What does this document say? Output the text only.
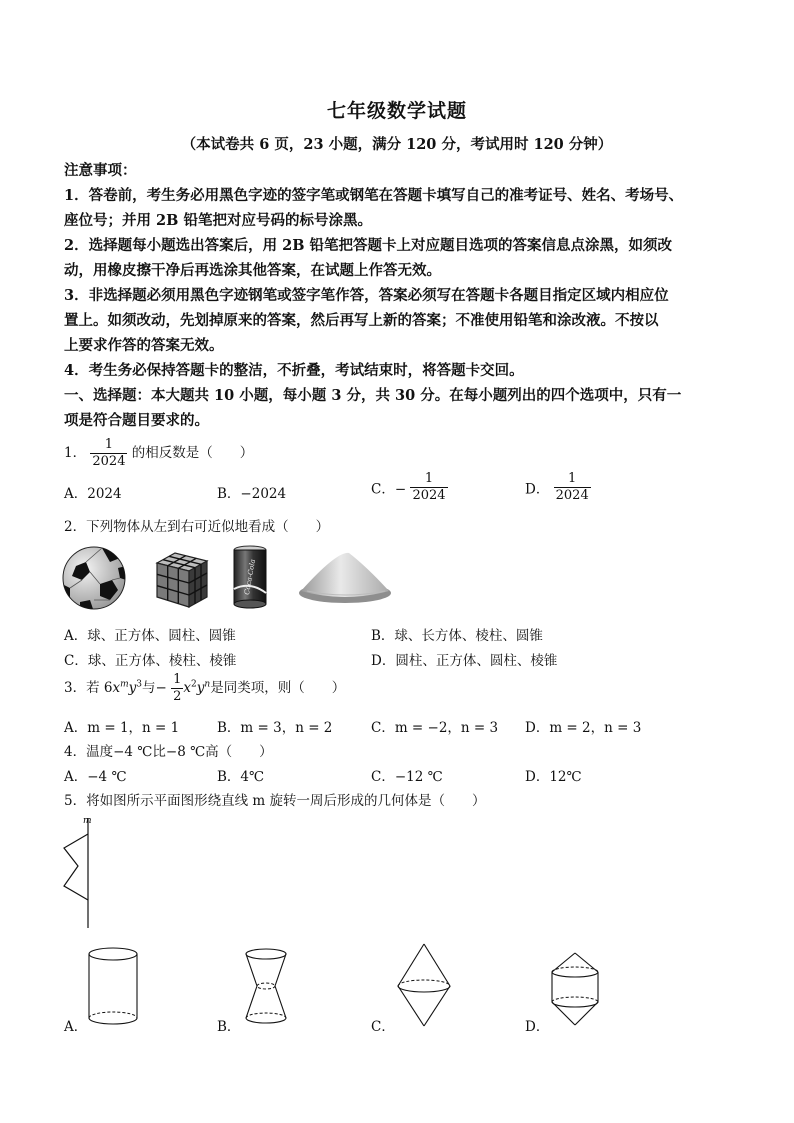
七年级数学试题
（本试卷共 6 页，23 小题，满分 120 分，考试用时 120 分钟）
注意事项：
1．答卷前，考生务必用黑色字迹的签字笔或钢笔在答题卡填写自己的准考证号、姓名、考场号、
座位号；并用 2B 铅笔把对应号码的标号涂黑。
2．选择题每小题选出答案后，用 2B 铅笔把答题卡上对应题目选项的答案信息点涂黑，如须改
动，用橡皮擦干净后再选涂其他答案，在试题上作答无效。
3．非选择题必须用黑色字迹钢笔或签字笔作答，答案必须写在答题卡各题目指定区域内相应位
置上。如须改动，先划掉原来的答案，然后再写上新的答案；不准使用铅笔和涂改液。不按以
上要求作答的答案无效。
4．考生务必保持答题卡的整洁，不折叠，考试结束时，将答题卡交回。
一、选择题：本大题共 10 小题，每小题 3 分，共 30 分。在每小题列出的四个选项中，只有一
项是符合题目要求的。
1． $\frac{1}{2024}$ 的相反数是（　　）
A．2024	B．−2024	C．− $\frac{1}{2024}$	D． $\frac{1}{2024}$
2．下列物体从左到右可近似地看成（　　）
Coca-Cola
A．球、正方体、圆柱、圆锥	B．球、长方体、棱柱、圆锥
C．球、正方体、棱柱、棱锥	D．圆柱、正方体、圆柱、棱锥
3．若 $6x^my^3$与− $\frac{1}{2} x^2y^n$是同类项，则（　　）
A．m = 1，n = 1	B．m = 3，n = 2	C．m = −2，n = 3 D．m = 2，n = 3
4．温度−4 ℃比−8 ℃高（　　）
A．−4 ℃	B．4℃	C．−12 ℃	D．12℃
5．将如图所示平面图形绕直线 m 旋转一周后形成的几何体是（　　）
m
A．	B．	C．	D．
